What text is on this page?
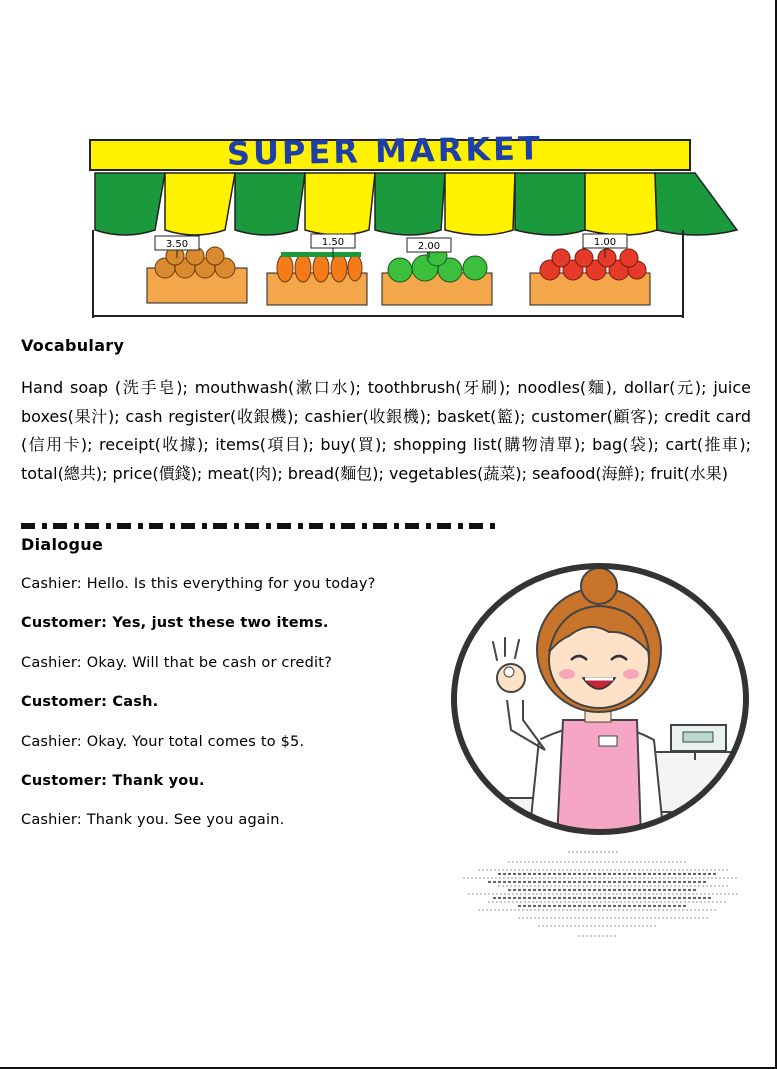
SUPER MARKET
3.50	1.50	2.00	1.00
Vocabulary
Hand soap (洗手皂); mouthwash(漱口水); toothbrush(牙刷); noodles(麵), dollar(元); juice boxes(果汁); cash register(收銀機); cashier(收銀機); basket(籃); customer(顧客); credit card (信用卡); receipt(收據); items(項目); buy(買); shopping list(購物清單); bag(袋); cart(推車); total(總共); price(價錢); meat(肉); bread(麵包); vegetables(蔬菜); seafood(海鮮); fruit(水果)
Dialogue
Cashier: Hello. Is this everything for you today?
Customer: Yes, just these two items.
Cashier: Okay. Will that be cash or credit?
Customer: Cash.
Cashier: Okay. Your total comes to $5.
Customer: Thank you.
Cashier: Thank you. See you again.
